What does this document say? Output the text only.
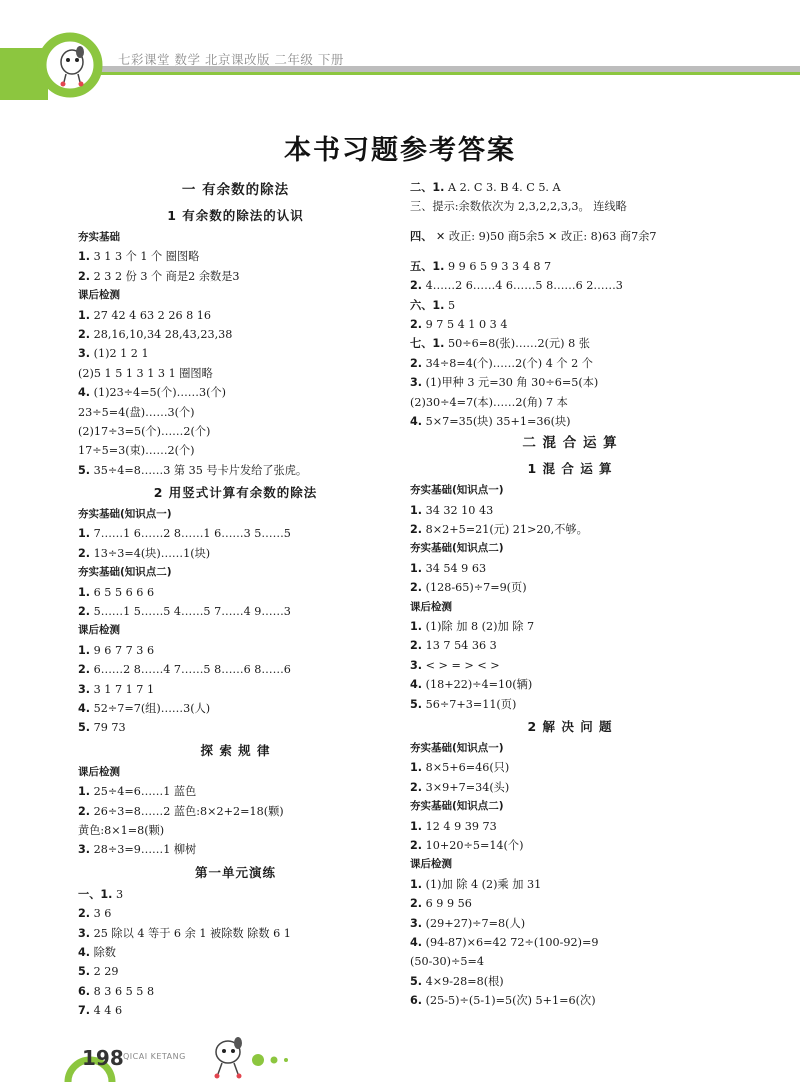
七彩课堂 数学 北京课改版 二年级 下册
本书习题参考答案
一 有余数的除法
1 有余数的除法的认识
夯实基础
1. 3 1 3 个 1 个 圈图略
2. 2 3 2 份 3 个 商是2 余数是3
课后检测
1. 27 42 4 63 2 26 8 16
2. 28,16,10,34 28,43,23,38
3. (1)2 1 2 1
(2)5 1 5 1 3 1 3 1 圈图略
4. (1)23÷4=5(个)……3(个)
23÷5=4(盘)……3(个)
(2)17÷3=5(个)……2(个)
17÷5=3(束)……2(个)
5. 35÷4=8……3 第 35 号卡片发给了张虎。
2 用竖式计算有余数的除法
夯实基础(知识点一)
1. 7……1 6……2 8……1 6……3 5……5
2. 13÷3=4(块)……1(块)
夯实基础(知识点二)
1. 6 5 5 6 6 6
2. 5……1 5……5 4……5 7……4 9……3
课后检测
1. 9 6 7 7 3 6
2. 6……2 8……4 7……5 8……6 8……6
3. 3 1 7 1 7 1
4. 52÷7=7(组)……3(人)
5. 79 73
探 索 规 律
课后检测
1. 25÷4=6……1 蓝色
2. 26÷3=8……2 蓝色:8×2+2=18(颗)
黄色:8×1=8(颗)
3. 28÷3=9……1 柳树
第一单元演练
一、1. 3
2. 3 6
3. 25 除以 4 等于 6 余 1 被除数 除数 6 1
4. 除数
5. 2 29
6. 8 3 6 5 5 8
7. 4 4 6
二、1. A 2. C 3. B 4. C 5. A
三、提示:余数依次为 2,3,2,2,3,3。 连线略
四、 ✕ 改正: 9)50 商5余5 ✕ 改正: 8)63 商7余7
五、1. 9 9 6 5 9 3 3 4 8 7
2. 4……2 6……4 6……5 8……6 2……3
六、1. 5
2. 9 7 5 4 1 0 3 4
七、1. 50÷6=8(张)……2(元) 8 张
2. 34÷8=4(个)……2(个) 4 个 2 个
3. (1)甲种 3 元=30 角 30÷6=5(本)
(2)30÷4=7(本)……2(角) 7 本
4. 5×7=35(块) 35+1=36(块)
二 混 合 运 算
1 混 合 运 算
夯实基础(知识点一)
1. 34 32 10 43
2. 8×2+5=21(元) 21>20,不够。
夯实基础(知识点二)
1. 34 54 9 63
2. (128-65)÷7=9(页)
课后检测
1. (1)除 加 8 (2)加 除 7
2. 13 7 54 36 3
3. < > = > < >
4. (18+22)÷4=10(辆)
5. 56÷7+3=11(页)
2 解 决 问 题
夯实基础(知识点一)
1. 8×5+6=46(只)
2. 3×9+7=34(头)
夯实基础(知识点二)
1. 12 4 9 39 73
2. 10+20÷5=14(个)
课后检测
1. (1)加 除 4 (2)乘 加 31
2. 6 9 9 56
3. (29+27)÷7=8(人)
4. (94-87)×6=42 72÷(100-92)=9
(50-30)÷5=4
5. 4×9-28=8(根)
6. (25-5)÷(5-1)=5(次) 5+1=6(次)
198 QICAI KETANG
